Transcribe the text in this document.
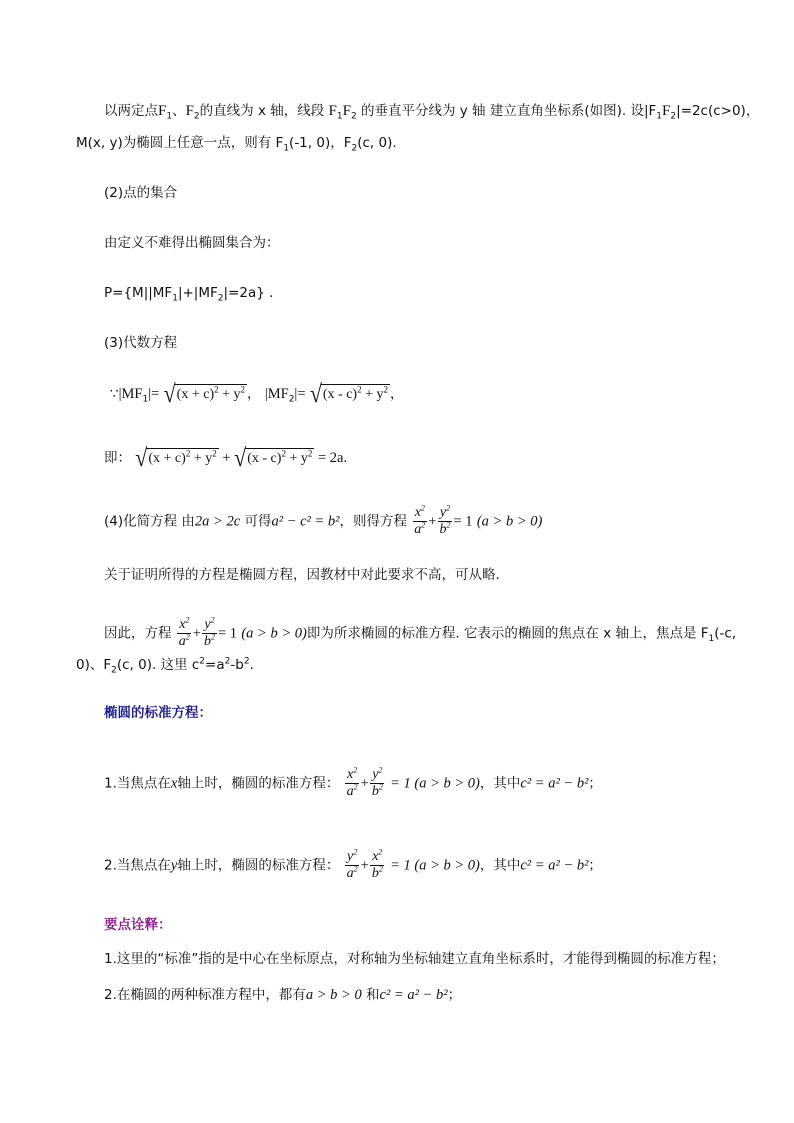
以两定点$F_1$、$F_2$的直线为 x 轴，线段 $F_1F_2$ 的垂直平分线为 y 轴 建立直角坐标系(如图). 设$|F_1F_2|=2c(c>0)$，
M(x, y)为椭圆上任意一点，则有 $F_1(-1$, 0)，$F_2(c$, 0).
(2)点的集合
由定义不难得出椭圆集合为：
$P=\{M||MF_1|+|MF_2|=2a\}$ .
(3)代数方程
$\because|MF_1|=$ √ $(x + c)^2 + y^2$ ， $|MF_2|=$ √ $(x - c)^2 + y^2$ ，
即： √ $(x + c)^2 + y^2$ + √ $(x - c)^2 + y^2 = 2a$.
(4)化简方程 由2a > 2c 可得a² − c² = b²，则得方程 $\frac{x^2}{a^2} + \frac{y^2}{b^2} = 1$ (a > b > 0)
关于证明所得的方程是椭圆方程，因教材中对此要求不高，可从略.
因此，方程 $\frac{x^2}{a^2} + \frac{y^2}{b^2} = 1$ (a > b > 0)即为所求椭圆的标准方程. 它表示的椭圆的焦点在 x 轴上，焦点是 $F_1(-c$,
0)、$F_2(c$, 0). 这里 $c^2=a^2-b^2$.
椭圆的标准方程：
1.当焦点在x轴上时，椭圆的标准方程： $\frac{x^2}{a^2} + \frac{y^2}{b^2} = 1$ (a > b > 0)，其中c² = a² − b²；
2.当焦点在y轴上时，椭圆的标准方程： $\frac{y^2}{a^2} + \frac{x^2}{b^2} = 1$ (a > b > 0)，其中c² = a² − b²；
要点诠释：
1.这里的“标准”指的是中心在坐标原点，对称轴为坐标轴建立直角坐标系时，才能得到椭圆的标准方程；
2.在椭圆的两种标准方程中，都有a > b > 0 和c² = a² − b²；
